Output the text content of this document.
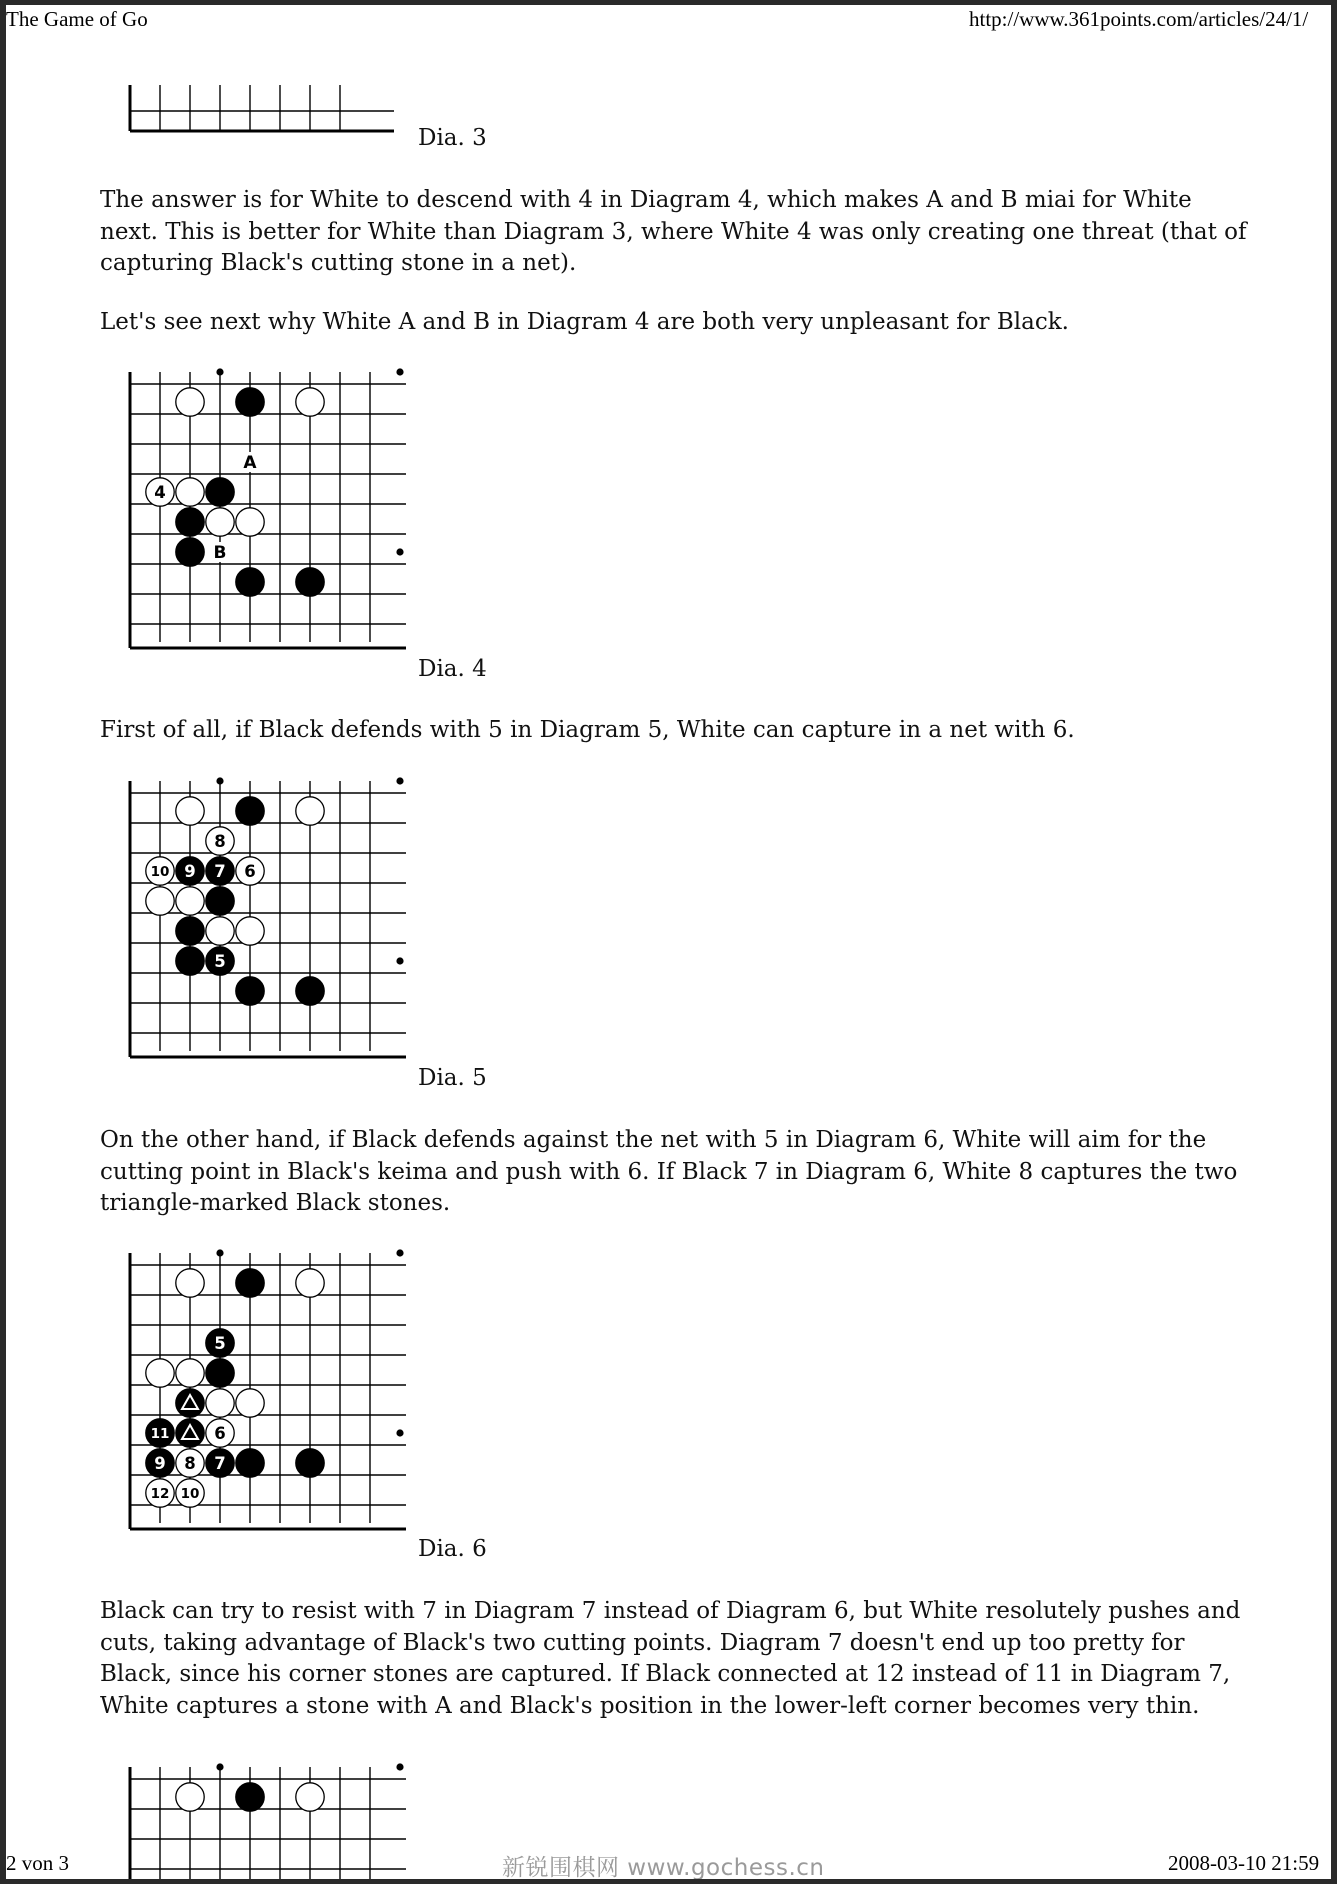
The Game of Go	http://www.361points.com/articles/24/1/
Dia. 3

The answer is for White to descend with 4 in Diagram 4, which makes A and B miai for White next. This is better for White than Diagram 3, where White 4 was only creating one threat (that of capturing Black's cutting stone in a net).

Let's see next why White A and B in Diagram 4 are both very unpleasant for Black.

A
B
4
Dia. 4

First of all, if Black defends with 5 in Diagram 5, White can capture in a net with 6.

8
10 9 7 6
5
Dia. 5

On the other hand, if Black defends against the net with 5 in Diagram 6, White will aim for the cutting point in Black's keima and push with 6. If Black 7 in Diagram 6, White 8 captures the two triangle-marked Black stones.

5
11	6
9 8 7
12 10
Dia. 6

Black can try to resist with 7 in Diagram 7 instead of Diagram 6, but White resolutely pushes and cuts, taking advantage of Black's two cutting points. Diagram 7 doesn't end up too pretty for Black, since his corner stones are captured. If Black connected at 12 instead of 11 in Diagram 7, White captures a stone with A and Black's position in the lower-left corner becomes very thin.

2 von 3	新锐围棋网 www.gochess.cn	2008-03-10 21:59
